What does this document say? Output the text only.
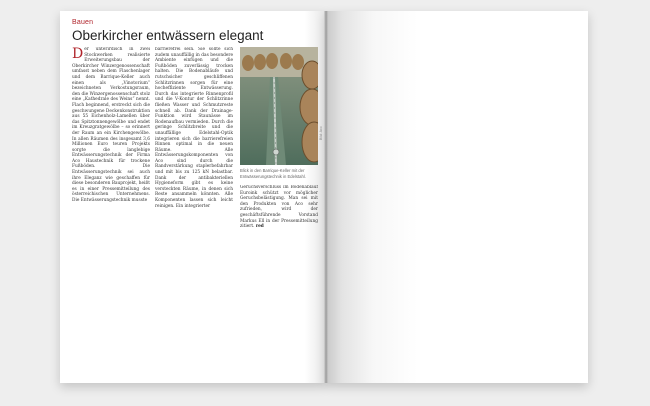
Bauen
Oberkircher entwässern elegant
D er unterirdisch in zwei Stockwerken realisierte Erweiterungsbau der Oberkircher Winzergenossenschaft umfasst neben dem Flaschenlager und dem Barrique-Keller auch einen als „Vinotorium“ bezeichneten Verkostungsraum, den die Winzergenossenschaft stolz eine „Kathedrale des Weins“ nennt. Flach beginnend, erstreckt sich die geschwungene Deckenkonstruktion aus 55 Eichenholz-Lamellen über das Spitztonnengewölbe und endet im Kreuzgratgewölbe – so erinnert der Raum an ein Kirchengewölbe. In allen Räumen des insgesamt 3,6 Millionen Euro teuren Projekts sorgte die langlebige Entwässerungstechnik der Firma Aco Haustechnik für trockene Fußböden. Die Entwässerungstechnik sei auch ihre Eleganz wie geschaffen für diese besonderen Bauprojekt, heißt es in einer Pressemitteilung des österreichischen Unternehmens. Die Entwässerungstechnik musste
barrierefrei sein. Sie sollte sich zudem unauffällig in das besondere Ambiente einfügen und die Fußböden zuverlässig trocken halten. Die Bodenabläufe und rutschsicher geschliffenen Schlitzrinnen sorgen für eine hocheffiziente Entwässerung. Durch das integrierte Rinnenprofil und die V-Kontur der Schlitzrinne fließen Wasser und Schmutzreste schnell ab. Dank der Drainage-Funktion wird Staunässe im Rodenaufbau vermieden. Durch die geringe Schlitzbreite und die unauffällige Edelstahl-Optik integrieren sich die barrierefreien Rinnen optimal in die neuen Räume. Alle Entwässerungskomponenten von Aco sind durch die Randverstärkung staplerbefahrbar und mit bis zu 125 kN belastbar. Dank der antibakteriellen Hygieneform gibt es keine versteckten Räume, in denen sich Reste ansammeln könnten. Alle Komponenten lassen sich leicht reinigen. Ein integrierter
Bild: Aco
Blick in den Barrique-Keller mit der Entwässerungstechnik in Edelstahl.
Geruchsverschluss im Bodenablauf Euroink schützt vor möglicher Geruchsbelästigung. Man sei mit den Produkten von Aco sehr zufrieden, wird der geschäftsführende Vorstand Markus Ell in der Pressemitteilung zitiert. red
